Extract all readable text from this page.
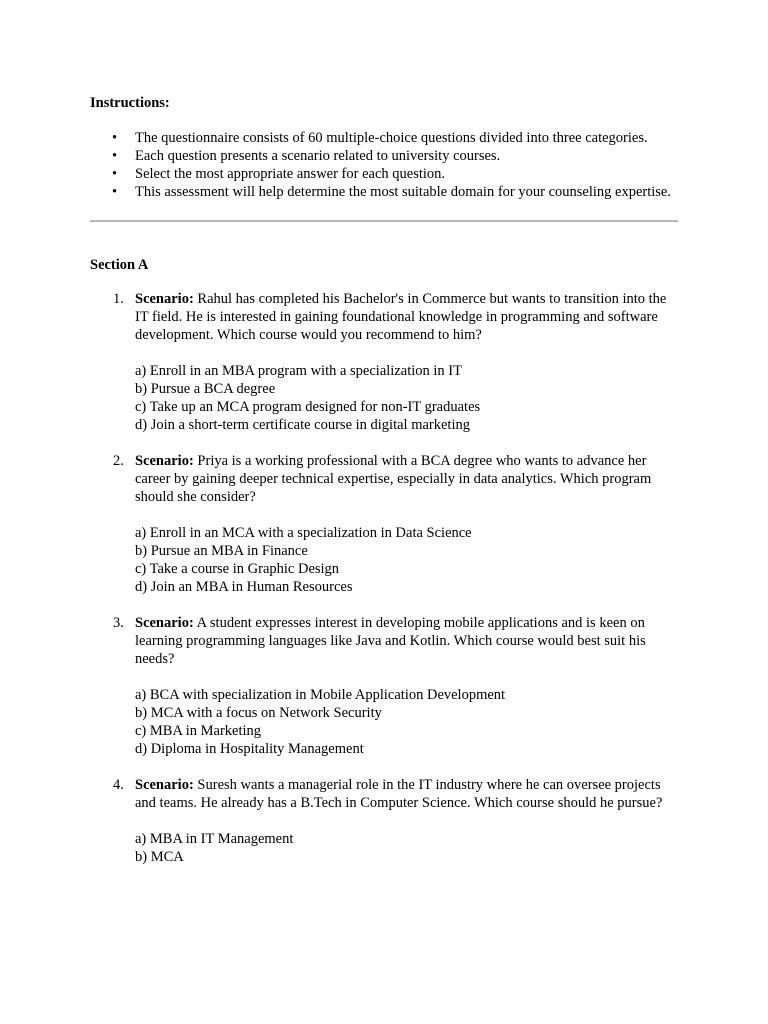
Instructions:

• The questionnaire consists of 60 multiple-choice questions divided into three categories.
• Each question presents a scenario related to university courses.
• Select the most appropriate answer for each question.
• This assessment will help determine the most suitable domain for your counseling expertise.

Section A

1. Scenario: Rahul has completed his Bachelor's in Commerce but wants to transition into the IT field. He is interested in gaining foundational knowledge in programming and software development. Which course would you recommend to him?
a) Enroll in an MBA program with a specialization in IT
b) Pursue a BCA degree
c) Take up an MCA program designed for non-IT graduates
d) Join a short-term certificate course in digital marketing
2. Scenario: Priya is a working professional with a BCA degree who wants to advance her career by gaining deeper technical expertise, especially in data analytics. Which program should she consider?
a) Enroll in an MCA with a specialization in Data Science
b) Pursue an MBA in Finance
c) Take a course in Graphic Design
d) Join an MBA in Human Resources
3. Scenario: A student expresses interest in developing mobile applications and is keen on learning programming languages like Java and Kotlin. Which course would best suit his needs?
a) BCA with specialization in Mobile Application Development
b) MCA with a focus on Network Security
c) MBA in Marketing
d) Diploma in Hospitality Management
4. Scenario: Suresh wants a managerial role in the IT industry where he can oversee projects and teams. He already has a B.Tech in Computer Science. Which course should he pursue?
a) MBA in IT Management
b) MCA
